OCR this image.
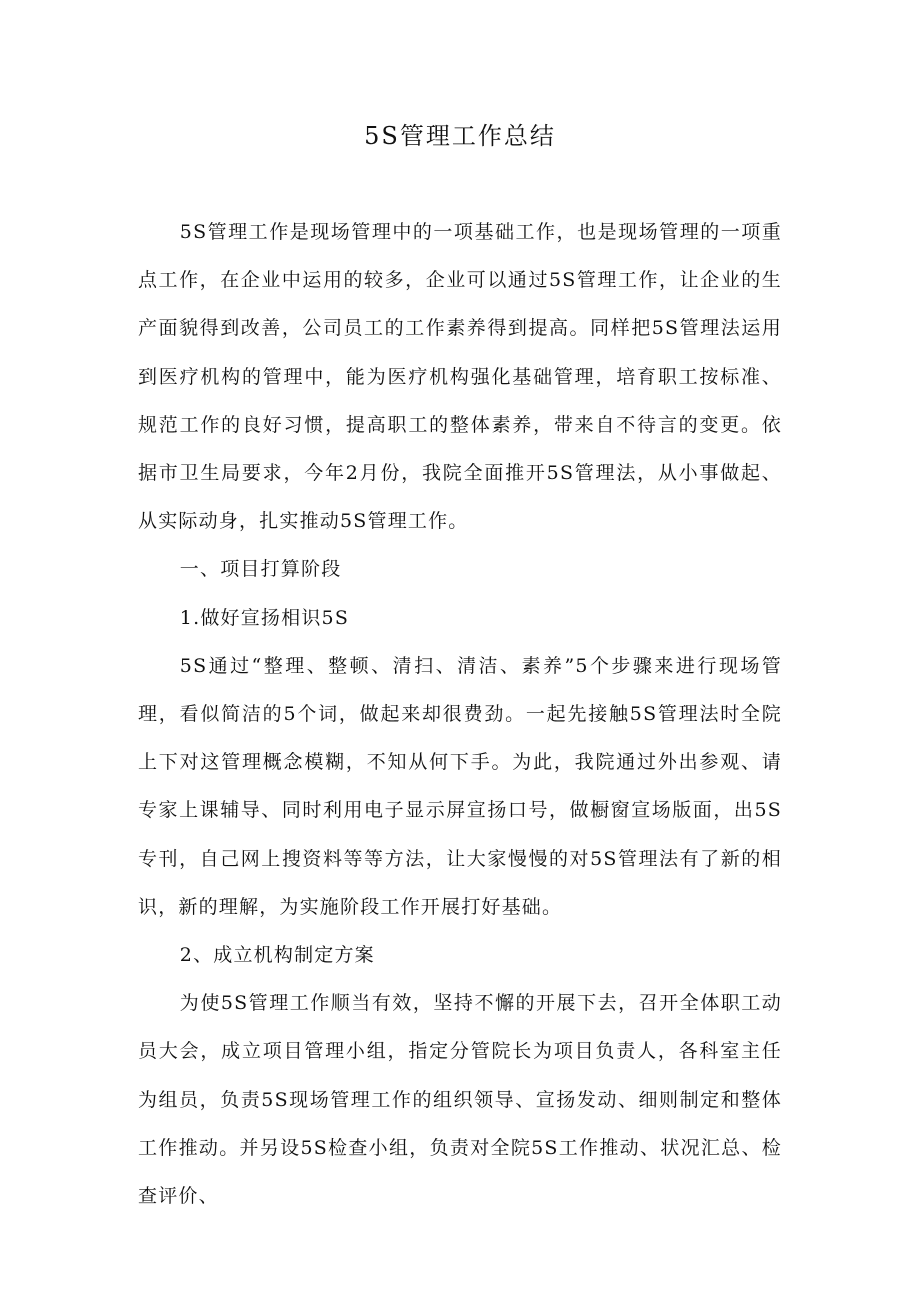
5S管理工作总结

5S管理工作是现场管理中的一项基础工作，也是现场管理的一项重点工作，在企业中运用的较多，企业可以通过5S管理工作，让企业的生产面貌得到改善，公司员工的工作素养得到提高。同样把5S管理法运用到医疗机构的管理中，能为医疗机构强化基础管理，培育职工按标准、规范工作的良好习惯，提高职工的整体素养，带来自不待言的变更。依据市卫生局要求，今年2月份，我院全面推开5S管理法，从小事做起、从实际动身，扎实推动5S管理工作。

一、项目打算阶段

1.做好宣扬相识5S

5S通过“整理、整顿、清扫、清洁、素养”5个步骤来进行现场管理，看似简洁的5个词，做起来却很费劲。一起先接触5S管理法时全院上下对这管理概念模糊，不知从何下手。为此，我院通过外出参观、请专家上课辅导、同时利用电子显示屏宣扬口号，做橱窗宣场版面，出5S专刊，自己网上搜资料等等方法，让大家慢慢的对5S管理法有了新的相识，新的理解，为实施阶段工作开展打好基础。

2、成立机构制定方案

为使5S管理工作顺当有效，坚持不懈的开展下去，召开全体职工动员大会，成立项目管理小组，指定分管院长为项目负责人，各科室主任为组员，负责5S现场管理工作的组织领导、宣扬发动、细则制定和整体工作推动。并另设5S检查小组，负责对全院5S工作推动、状况汇总、检查评价、
